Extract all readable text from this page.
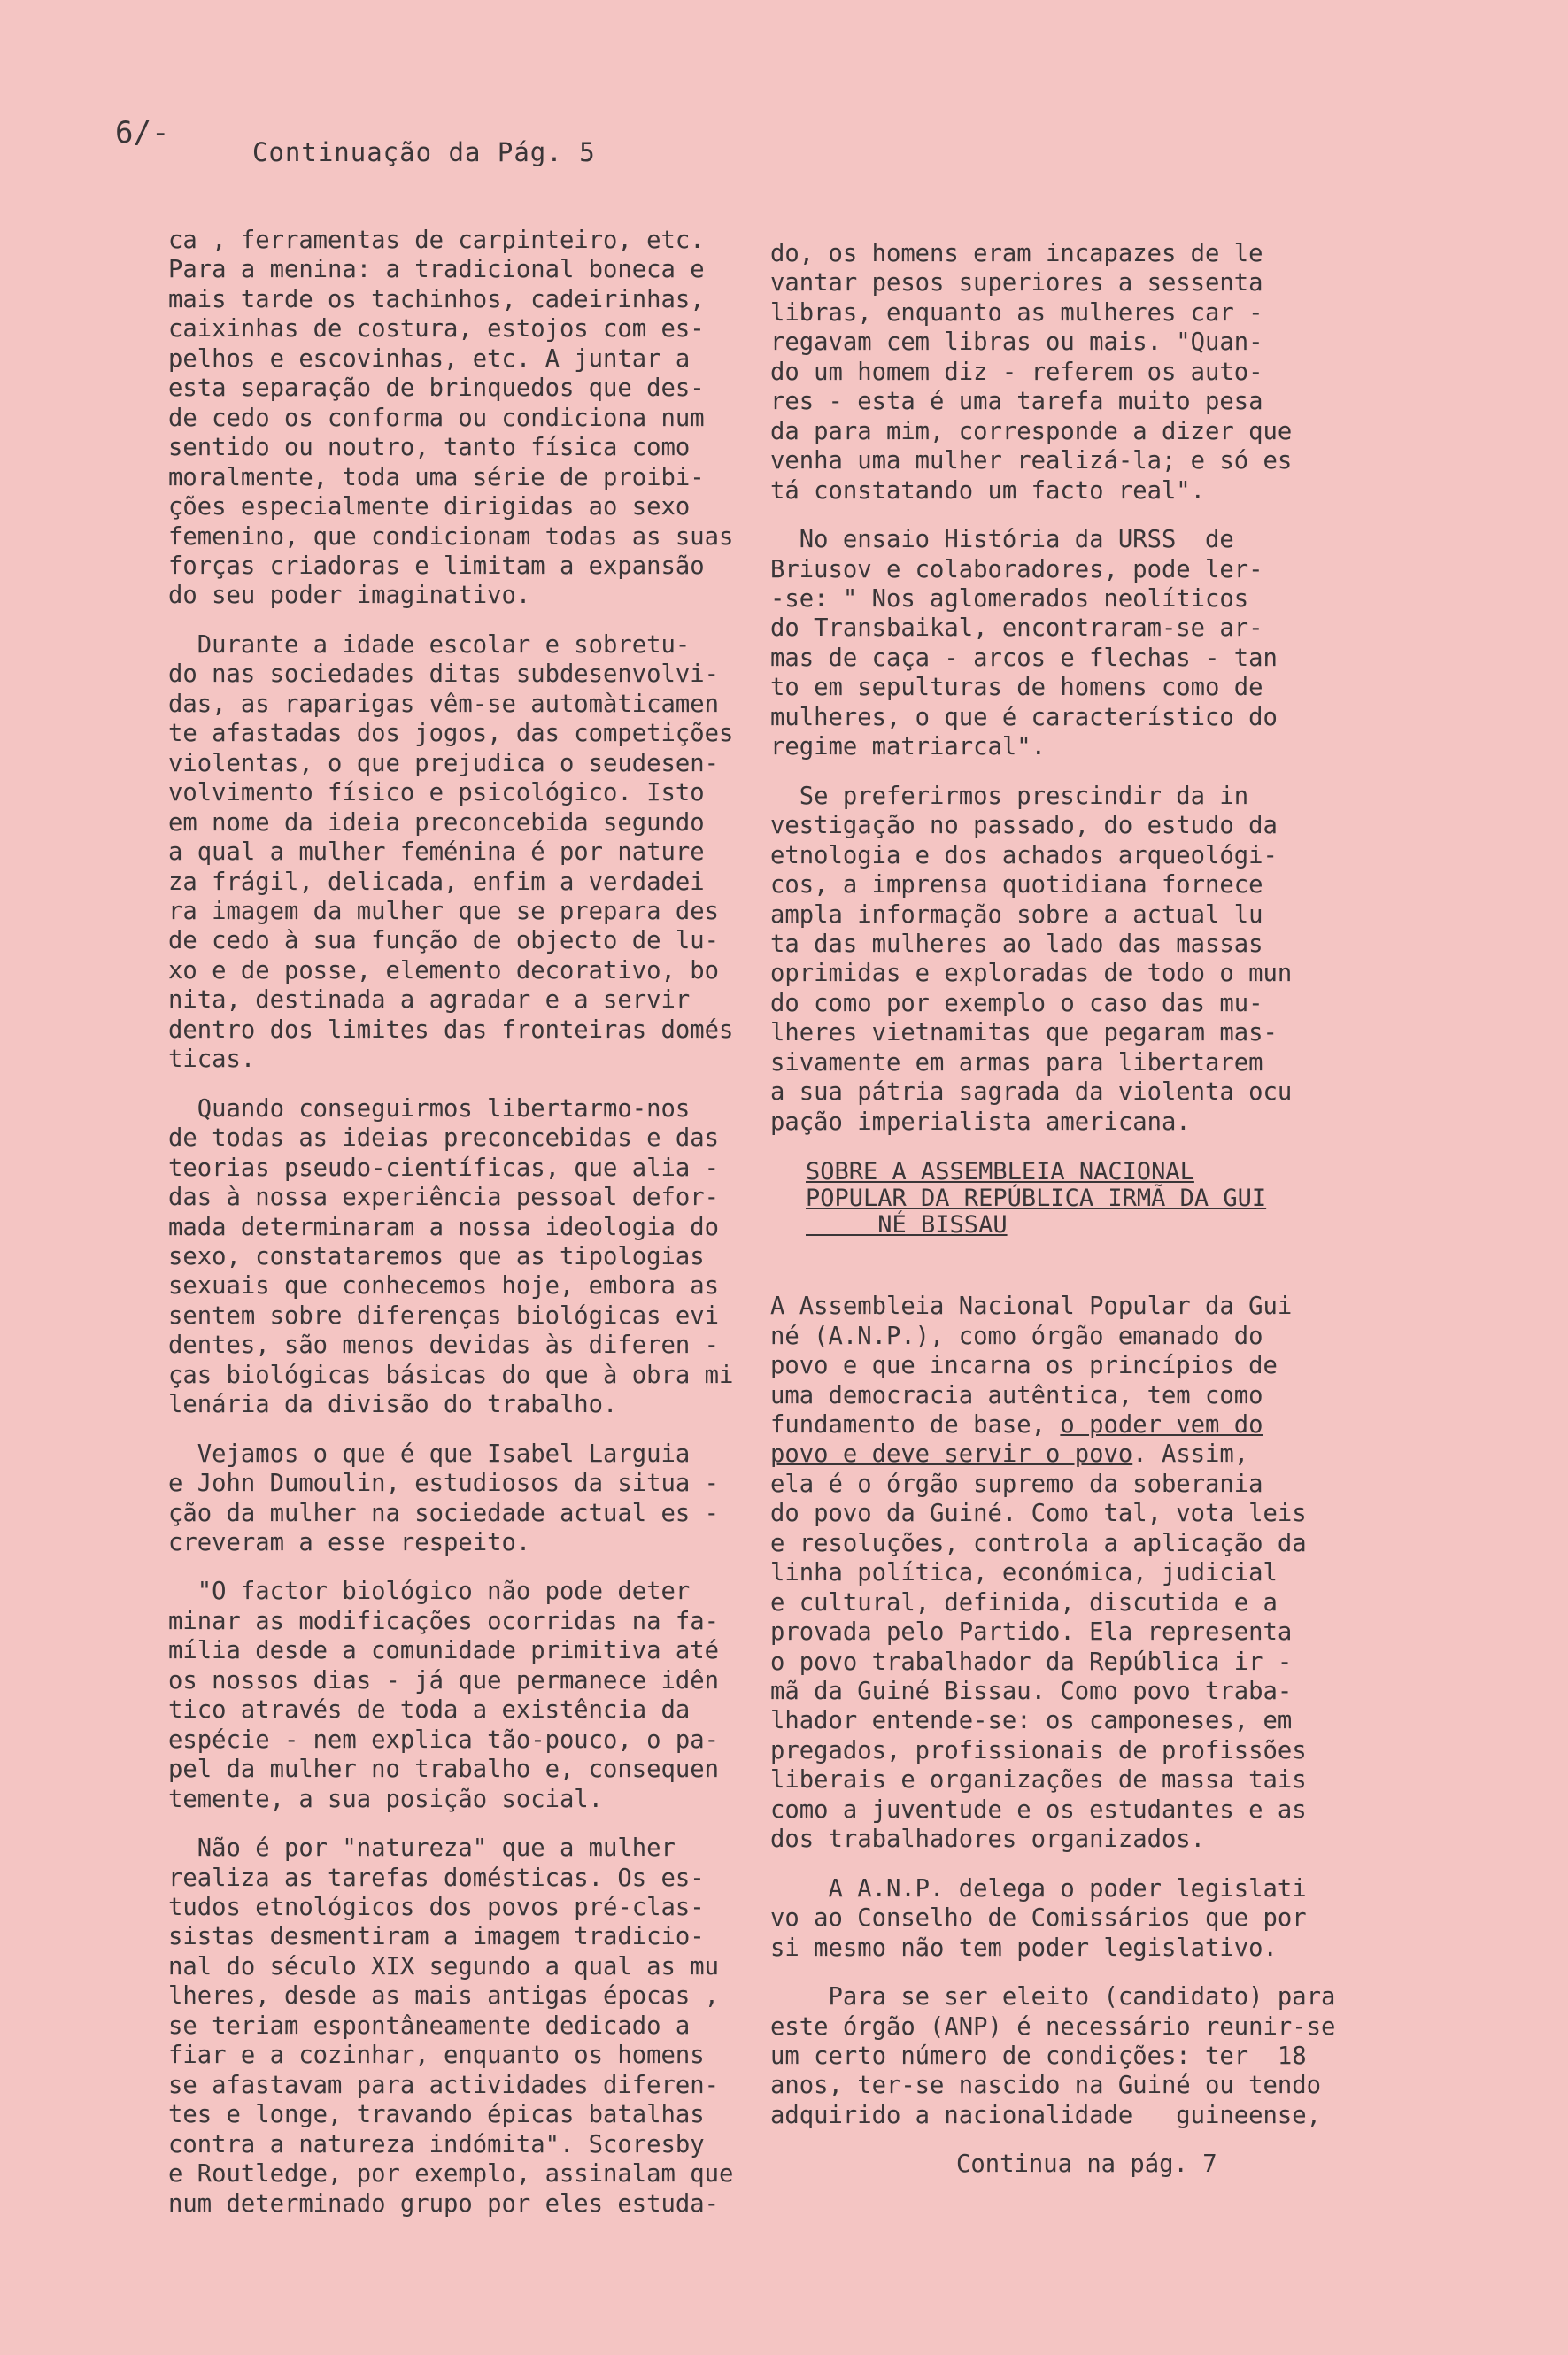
6/-
Continuação da Pág. 5

ca , ferramentas de carpinteiro, etc.
Para a menina: a tradicional boneca e
mais tarde os tachinhos, cadeirinhas,
caixinhas de costura, estojos com es-
pelhos e escovinhas, etc. A juntar a
esta separação de brinquedos que des-
de cedo os conforma ou condiciona num
sentido ou noutro, tanto física como
moralmente, toda uma série de proibi-
ções especialmente dirigidas ao sexo
femenino, que condicionam todas as suas
forças criadoras e limitam a expansão
do seu poder imaginativo.

Durante a idade escolar e sobretu-
do nas sociedades ditas subdesenvolvi-
das, as raparigas vêm-se automàticamen
te afastadas dos jogos, das competições
violentas, o que prejudica o seudesen-
volvimento físico e psicológico. Isto
em nome da ideia preconcebida segundo
a qual a mulher feménina é por nature
za frágil, delicada, enfim a verdadei
ra imagem da mulher que se prepara des
de cedo à sua função de objecto de lu-
xo e de posse, elemento decorativo, bo
nita, destinada a agradar e a servir
dentro dos limites das fronteiras domés
ticas.

Quando conseguirmos libertarmo-nos
de todas as ideias preconcebidas e das
teorias pseudo-científicas, que alia -
das à nossa experiência pessoal defor-
mada determinaram a nossa ideologia do
sexo, constataremos que as tipologias
sexuais que conhecemos hoje, embora as
sentem sobre diferenças biológicas evi
dentes, são menos devidas às diferen -
ças biológicas básicas do que à obra mi
lenária da divisão do trabalho.

Vejamos o que é que Isabel Larguia
e John Dumoulin, estudiosos da situa -
ção da mulher na sociedade actual es -
creveram a esse respeito.

"O factor biológico não pode deter
minar as modificações ocorridas na fa-
mília desde a comunidade primitiva até
os nossos dias - já que permanece idên
tico através de toda a existência da
espécie - nem explica tão-pouco, o pa-
pel da mulher no trabalho e, consequen
temente, a sua posição social.

Não é por "natureza" que a mulher
realiza as tarefas domésticas. Os es-
tudos etnológicos dos povos pré-clas-
sistas desmentiram a imagem tradicio-
nal do século XIX segundo a qual as mu
lheres, desde as mais antigas épocas ,
se teriam espontâneamente dedicado a
fiar e a cozinhar, enquanto os homens
se afastavam para actividades diferen-
tes e longe, travando épicas batalhas
contra a natureza indómita". Scoresby
e Routledge, por exemplo, assinalam que
num determinado grupo por eles estuda-

do, os homens eram incapazes de le
vantar pesos superiores a sessenta
libras, enquanto as mulheres car -
regavam cem libras ou mais. "Quan-
do um homem diz - referem os auto-
res - esta é uma tarefa muito pesa
da para mim, corresponde a dizer que
venha uma mulher realizá-la; e só es
tá constatando um facto real".

No ensaio História da URSS  de
Briusov e colaboradores, pode ler-
-se: " Nos aglomerados neolíticos
do Transbaikal, encontraram-se ar-
mas de caça - arcos e flechas - tan
to em sepulturas de homens como de
mulheres, o que é característico do
regime matriarcal".

Se preferirmos prescindir da in
vestigação no passado, do estudo da
etnologia e dos achados arqueológi-
cos, a imprensa quotidiana fornece
ampla informação sobre a actual lu
ta das mulheres ao lado das massas
oprimidas e exploradas de todo o mun
do como por exemplo o caso das mu-
lheres vietnamitas que pegaram mas-
sivamente em armas para libertarem
a sua pátria sagrada da violenta ocu
pação imperialista americana.

SOBRE A ASSEMBLEIA NACIONAL
POPULAR DA REPÚBLICA IRMÃ DA GUI
NÉ BISSAU

A Assembleia Nacional Popular da Gui
né (A.N.P.), como órgão emanado do
povo e que incarna os princípios de
uma democracia autêntica, tem como
fundamento de base, o poder vem do
povo e deve servir o povo. Assim,
ela é o órgão supremo da soberania
do povo da Guiné. Como tal, vota leis
e resoluções, controla a aplicação da
linha política, económica, judicial
e cultural, definida, discutida e a
provada pelo Partido. Ela representa
o povo trabalhador da República ir -
mã da Guiné Bissau. Como povo traba-
lhador entende-se: os camponeses, em
pregados, profissionais de profissões
liberais e organizações de massa tais
como a juventude e os estudantes e as
dos trabalhadores organizados.

A A.N.P. delega o poder legislati
vo ao Conselho de Comissários que por
si mesmo não tem poder legislativo.

Para se ser eleito (candidato) para
este órgão (ANP) é necessário reunir-se
um certo número de condições: ter  18
anos, ter-se nascido na Guiné ou tendo
adquirido a nacionalidade   guineense,

Continua na pág. 7
